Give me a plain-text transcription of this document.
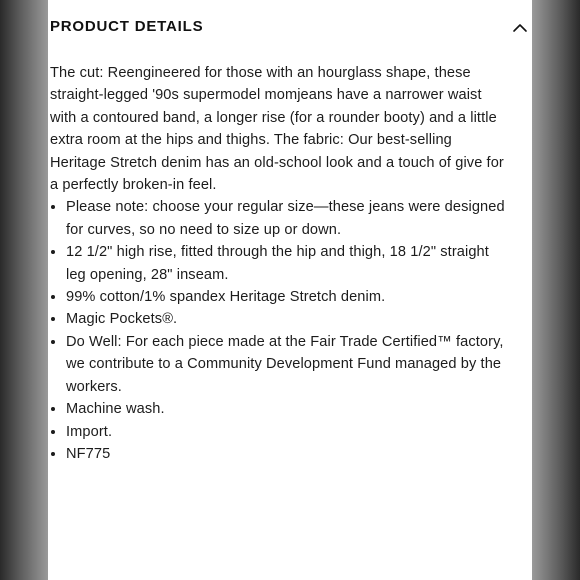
PRODUCT DETAILS

The cut: Reengineered for those with an hourglass shape, these straight-legged '90s supermodel momjeans have a narrower waist with a contoured band, a longer rise (for a rounder booty) and a little extra room at the hips and thighs. The fabric: Our best-selling Heritage Stretch denim has an old-school look and a touch of give for a perfectly broken-in feel.

• Please note: choose your regular size—these jeans were designed for curves, so no need to size up or down.
• 12 1/2" high rise, fitted through the hip and thigh, 18 1/2" straight leg opening, 28" inseam.
• 99% cotton/1% spandex Heritage Stretch denim.
• Magic Pockets®.
• Do Well: For each piece made at the Fair Trade Certified™ factory, we contribute to a Community Development Fund managed by the workers.
• Machine wash.
• Import.
• NF775
